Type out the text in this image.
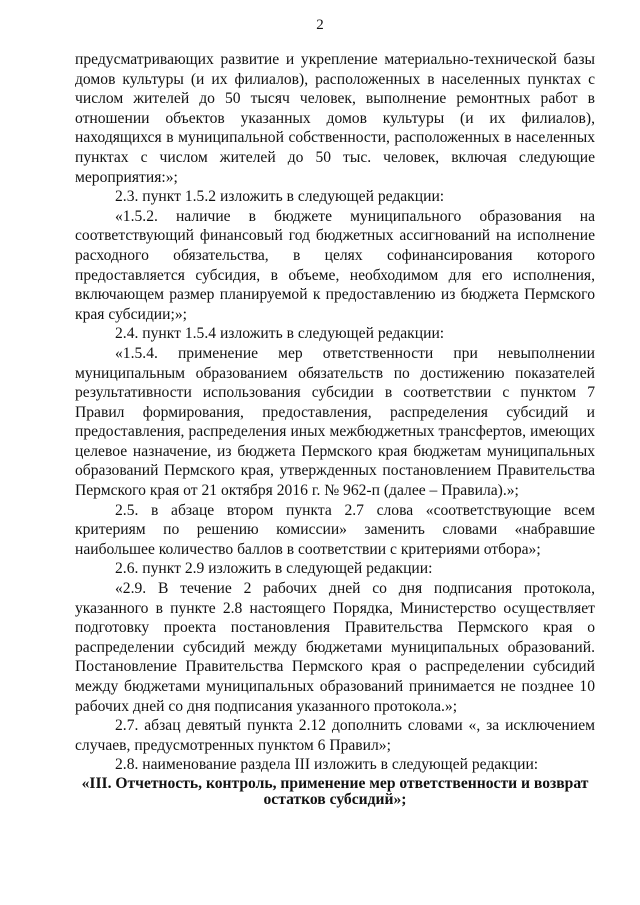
2

предусматривающих развитие и укрепление материально-технической базы домов культуры (и их филиалов), расположенных в населенных пунктах с числом жителей до 50 тысяч человек, выполнение ремонтных работ в отношении объектов указанных домов культуры (и их филиалов), находящихся в муниципальной собственности, расположенных в населенных пунктах с числом жителей до 50 тыс. человек, включая следующие мероприятия:»;

2.3. пункт 1.5.2 изложить в следующей редакции:

«1.5.2. наличие в бюджете муниципального образования на соответствующий финансовый год бюджетных ассигнований на исполнение расходного обязательства, в целях софинансирования которого предоставляется субсидия, в объеме, необходимом для его исполнения, включающем размер планируемой к предоставлению из бюджета Пермского края субсидии;»;

2.4. пункт 1.5.4 изложить в следующей редакции:

«1.5.4. применение мер ответственности при невыполнении муниципальным образованием обязательств по достижению показателей результативности использования субсидии в соответствии с пунктом 7 Правил формирования, предоставления, распределения субсидий и предоставления, распределения иных межбюджетных трансфертов, имеющих целевое назначение, из бюджета Пермского края бюджетам муниципальных образований Пермского края, утвержденных постановлением Правительства Пермского края от 21 октября 2016 г. № 962-п (далее – Правила).»;

2.5. в абзаце втором пункта 2.7 слова «соответствующие всем критериям по решению комиссии» заменить словами «набравшие наибольшее количество баллов в соответствии с критериями отбора»;

2.6. пункт 2.9 изложить в следующей редакции:

«2.9. В течение 2 рабочих дней со дня подписания протокола, указанного в пункте 2.8 настоящего Порядка, Министерство осуществляет подготовку проекта постановления Правительства Пермского края о распределении субсидий между бюджетами муниципальных образований. Постановление Правительства Пермского края о распределении субсидий между бюджетами муниципальных образований принимается не позднее 10 рабочих дней со дня подписания указанного протокола.»;

2.7. абзац девятый пункта 2.12 дополнить словами «, за исключением случаев, предусмотренных пунктом 6 Правил»;

2.8. наименование раздела III изложить в следующей редакции:

«III. Отчетность, контроль, применение мер ответственности и возврат остатков субсидий»;
